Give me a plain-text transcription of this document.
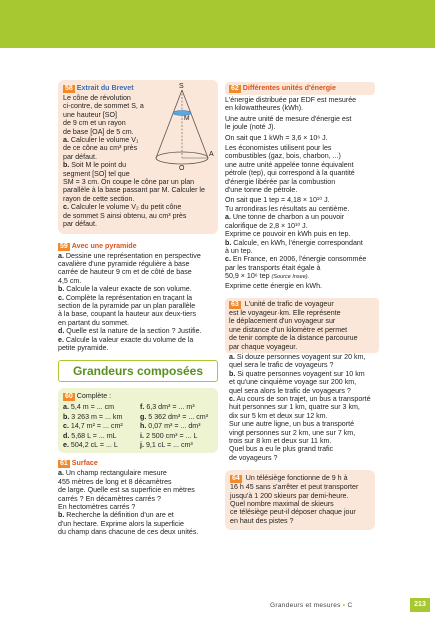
S
M
O
A

58 Extrait du Brevet

Le cône de révolution
ci-contre, de sommet S, a
une hauteur [SO]
de 9 cm et un rayon
de base [OA] de 5 cm.
a. Calculer le volume V₁
de ce cône au cm³ près
par défaut.
b. Soit M le point du
segment [SO] tel que
SM = 3 cm. On coupe le cône par un plan
parallèle à la base passant par M. Calculer le
rayon de cette section.
c. Calculer le volume V₂ du petit cône
de sommet S ainsi obtenu, au cm³ près
par défaut.

59 Avec une pyramide

a. Dessine une représentation en perspective
cavalière d'une pyramide régulière à base
carrée de hauteur 9 cm et de côté de base
4,5 cm.
b. Calcule la valeur exacte de son volume.
c. Complète la représentation en traçant la
section de la pyramide par un plan parallèle
à la base, coupant la hauteur aux deux-tiers
en partant du sommet.
d. Quelle est la nature de la section ? Justifie.
e. Calcule la valeur exacte du volume de la
petite pyramide.
Grandeurs composées

60 Complète :

a. 5,4 m = ... cm	f. 6,3 dm³ = ... m³
b. 3 263 m = ... km	g. 5 362 dm³ = ... cm³
c. 14,7 m² = ... cm²	h. 0,07 m³ = ... dm³
d. 5,68 L = ... mL	i. 2 500 cm³ = ... L
e. 504,2 cL = ... L	j. 9,1 cL = ... cm³

61 Surface

a. Un champ rectangulaire mesure
455 mètres de long et 8 décamètres
de large. Quelle est sa superficie en mètres
carrés ? En décamètres carrés ?
En hectomètres carrés ?
b. Recherche la définition d'un are et
d'un hectare. Exprime alors la superficie
du champ dans chacune de ces deux unités.

62 Différentes unités d'énergie

L'énergie distribuée par EDF est mesurée
en kilowattheures (kWh).
Une autre unité de mesure d'énergie est
le joule (noté J).
On sait que 1 kWh = 3,6 × 10⁶ J.
Les économistes utilisent pour les
combustibles (gaz, bois, charbon, ...)
une autre unité appelée tonne équivalent
pétrole (tep), qui correspond à la quantité
d'énergie libérée par la combustion
d'une tonne de pétrole.
On sait que 1 tep = 4,18 × 10¹⁰ J.
Tu arrondiras les résultats au centième.
a. Une tonne de charbon a un pouvoir
calorifique de 2,8 × 10¹⁰ J.
Exprime ce pouvoir en kWh puis en tep.
b. Calcule, en kWh, l'énergie correspondant
à un tep.
c. En France, en 2006, l'énergie consommée
par les transports était égale à
50,9 × 10⁶ tep (Source Insee).
Exprime cette énergie en kWh.
63 L'unité de trafic de voyageur
est le voyageur·km. Elle représente
le déplacement d'un voyageur sur
une distance d'un kilomètre et permet
de tenir compte de la distance parcourue
par chaque voyageur.
a. Si douze personnes voyagent sur 20 km,
quel sera le trafic de voyageurs ?
b. Si quatre personnes voyagent sur 10 km
et qu'une cinquième voyage sur 200 km,
quel sera alors le trafic de voyageurs ?
c. Au cours de son trajet, un bus a transporté
huit personnes sur 1 km, quatre sur 3 km,
dix sur 5 km et deux sur 12 km.
Sur une autre ligne, un bus a transporté
vingt personnes sur 2 km, une sur 7 km,
trois sur 8 km et deux sur 11 km.
Quel bus a eu le plus grand trafic
de voyageurs ?
64 Un télésiège fonctionne de 9 h à
16 h 45 sans s'arrêter et peut transporter
jusqu'à 1 200 skieurs par demi-heure.
Quel nombre maximal de skieurs
ce télésiège peut-il déposer chaque jour
en haut des pistes ?
Grandeurs et mesures • C	213
